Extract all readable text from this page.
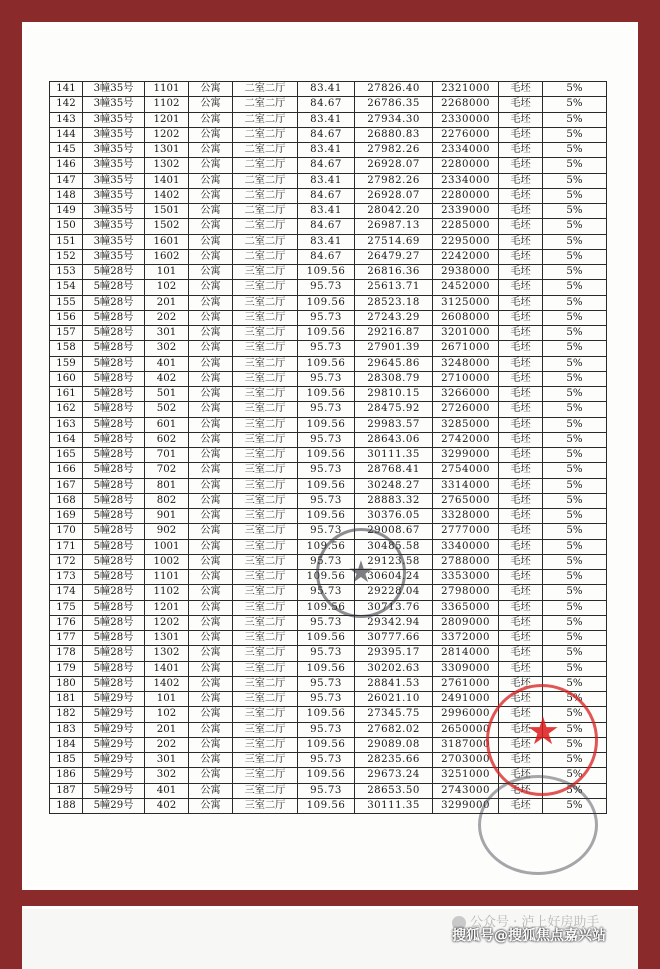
141	3幢35号	1101	公寓	二室二厅	83.41	27826.40	2321000	毛坯	5%
142	3幢35号	1102	公寓	二室二厅	84.67	26786.35	2268000	毛坯	5%
143	3幢35号	1201	公寓	二室二厅	83.41	27934.30	2330000	毛坯	5%
144	3幢35号	1202	公寓	二室二厅	84.67	26880.83	2276000	毛坯	5%
145	3幢35号	1301	公寓	二室二厅	83.41	27982.26	2334000	毛坯	5%
146	3幢35号	1302	公寓	二室二厅	84.67	26928.07	2280000	毛坯	5%
147	3幢35号	1401	公寓	二室二厅	83.41	27982.26	2334000	毛坯	5%
148	3幢35号	1402	公寓	二室二厅	84.67	26928.07	2280000	毛坯	5%
149	3幢35号	1501	公寓	二室二厅	83.41	28042.20	2339000	毛坯	5%
150	3幢35号	1502	公寓	二室二厅	84.67	26987.13	2285000	毛坯	5%
151	3幢35号	1601	公寓	二室二厅	83.41	27514.69	2295000	毛坯	5%
152	3幢35号	1602	公寓	二室二厅	84.67	26479.27	2242000	毛坯	5%
153	5幢28号	101	公寓	三室二厅	109.56	26816.36	2938000	毛坯	5%
154	5幢28号	102	公寓	三室二厅	95.73	25613.71	2452000	毛坯	5%
155	5幢28号	201	公寓	三室二厅	109.56	28523.18	3125000	毛坯	5%
156	5幢28号	202	公寓	三室二厅	95.73	27243.29	2608000	毛坯	5%
157	5幢28号	301	公寓	三室二厅	109.56	29216.87	3201000	毛坯	5%
158	5幢28号	302	公寓	三室二厅	95.73	27901.39	2671000	毛坯	5%
159	5幢28号	401	公寓	三室二厅	109.56	29645.86	3248000	毛坯	5%
160	5幢28号	402	公寓	三室二厅	95.73	28308.79	2710000	毛坯	5%
161	5幢28号	501	公寓	三室二厅	109.56	29810.15	3266000	毛坯	5%
162	5幢28号	502	公寓	三室二厅	95.73	28475.92	2726000	毛坯	5%
163	5幢28号	601	公寓	三室二厅	109.56	29983.57	3285000	毛坯	5%
164	5幢28号	602	公寓	三室二厅	95.73	28643.06	2742000	毛坯	5%
165	5幢28号	701	公寓	三室二厅	109.56	30111.35	3299000	毛坯	5%
166	5幢28号	702	公寓	三室二厅	95.73	28768.41	2754000	毛坯	5%
167	5幢28号	801	公寓	三室二厅	109.56	30248.27	3314000	毛坯	5%
168	5幢28号	802	公寓	三室二厅	95.73	28883.32	2765000	毛坯	5%
169	5幢28号	901	公寓	三室二厅	109.56	30376.05	3328000	毛坯	5%
170	5幢28号	902	公寓	三室二厅	95.73	29008.67	2777000	毛坯	5%
171	5幢28号	1001	公寓	三室二厅	109.56	30485.58	3340000	毛坯	5%
172	5幢28号	1002	公寓	三室二厅	95.73	29123.58	2788000	毛坯	5%
173	5幢28号	1101	公寓	三室二厅	109.56	30604.24	3353000	毛坯	5%
174	5幢28号	1102	公寓	三室二厅	95.73	29228.04	2798000	毛坯	5%
175	5幢28号	1201	公寓	三室二厅	109.56	30713.76	3365000	毛坯	5%
176	5幢28号	1202	公寓	三室二厅	95.73	29342.94	2809000	毛坯	5%
177	5幢28号	1301	公寓	三室二厅	109.56	30777.66	3372000	毛坯	5%
178	5幢28号	1302	公寓	三室二厅	95.73	29395.17	2814000	毛坯	5%
179	5幢28号	1401	公寓	三室二厅	109.56	30202.63	3309000	毛坯	5%
180	5幢28号	1402	公寓	三室二厅	95.73	28841.53	2761000	毛坯	5%
181	5幢29号	101	公寓	三室二厅	95.73	26021.10	2491000	毛坯	5%
182	5幢29号	102	公寓	三室二厅	109.56	27345.75	2996000	毛坯	5%
183	5幢29号	201	公寓	三室二厅	95.73	27682.02	2650000	毛坯	5%
184	5幢29号	202	公寓	三室二厅	109.56	29089.08	3187000	毛坯	5%
185	5幢29号	301	公寓	三室二厅	95.73	28235.66	2703000	毛坯	5%
186	5幢29号	302	公寓	三室二厅	109.56	29673.24	3251000	毛坯	5%
187	5幢29号	401	公寓	三室二厅	95.73	28653.50	2743000	毛坯	5%
188	5幢29号	402	公寓	三室二厅	109.56	30111.35	3299000	毛坯	5%
★
★
公众号 · 泸上好房助手
搜狐号@搜狐焦点嘉兴站
